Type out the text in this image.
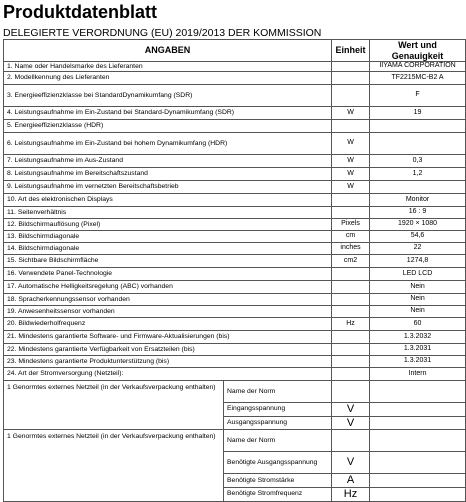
Produktdatenblatt
DELEGIERTE VERORDNUNG (EU) 2019/2013 DER KOMMISSION
ANGABEN		Einheit	Wert und Genauigkeit
1. Name oder Handelsmarke des Lieferanten			IIYAMA CORPORATION
2. Modellkennung des Lieferanten			TF2215MC-B2 A
3. Energieeffizienzklasse bei StandardDynamikumfang (SDR)			F
4. Leistungsaufnahme im Ein-Zustand bei Standard-Dynamikumfang (SDR)		W	19
5. Energieeffizienzklasse (HDR)			
6. Leistungsaufnahme im Ein-Zustand bei hohem Dynamikumfang (HDR)		W	
7. Leistungsaufnahme im Aus-Zustand		W	0,3
8. Leistungsaufnahme im Bereitschaftszustand		W	1,2
9. Leistungsaufnahme im vernetzten Bereitschaftsbetrieb		W	
10. Art des elektronischen Displays			Monitor
11. Seitenverhältnis			16 : 9
12. Bildschirmauflösung (Pixel)		Pixels	1920 × 1080
13. Bildschirmdiagonale		cm	54,6
14. Bildschirmdiagonale		inches	22
15. Sichtbare Bildschirmfläche		cm2	1274,8
16. Verwendete Panel-Technologie			LED LCD
17. Automatische Helligkeitsregelung (ABC) vorhanden			Nein
18. Spracherkennungssensor vorhanden			Nein
19. Anwesenheitssensor vorhanden			Nein
20. Bildwiederholfrequenz		Hz	60
21. Mindestens garantierte Software- und Firmware-Aktualisierungen (bis)			1.3.2032
22. Mindestens garantierte Verfügbarkeit von Ersatzteilen (bis)			1.3.2031
23. Mindestens garantierte Produktunterstützung (bis)			1.3.2031
24. Art der Stromversorgung (Netzteil):			Intern
1 Genormtes externes Netzteil (in der Verkaufsverpackung enthalten)	Name der Norm		
	Eingangsspannung	V	
	Ausgangsspannung	V	
1 Genormtes externes Netzteil (in der Verkaufsverpackung enthalten)	Name der Norm		
	Benötigte Ausgangsspannung	V	
	Benötigte Stromstärke	A	
	Benötigte Stromfrequenz	Hz	
